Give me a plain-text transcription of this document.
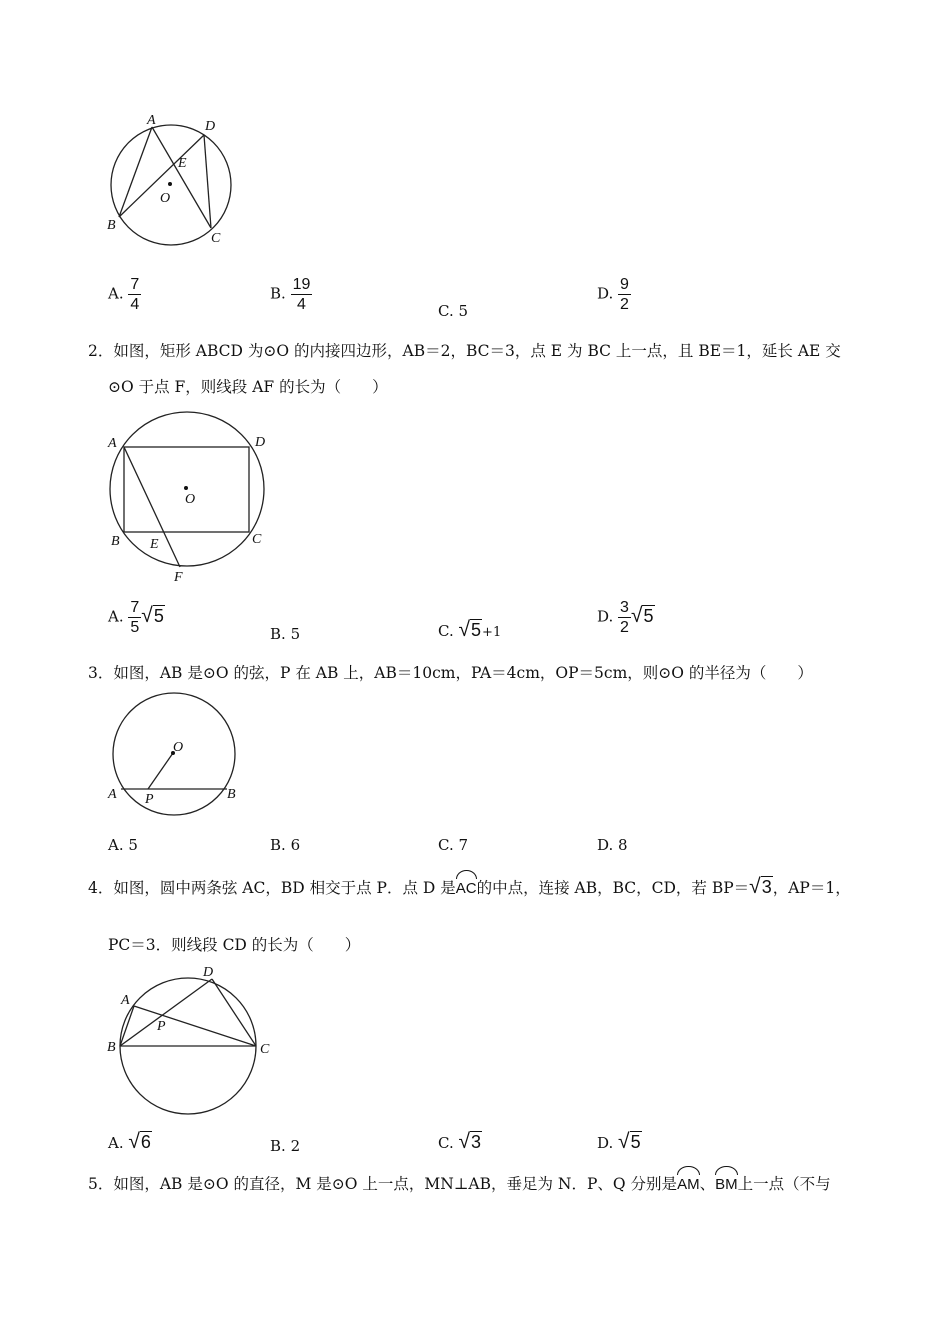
A	D
E
O
B
C
A. $\frac{7}{4}$	B. $\frac{19}{4}$	C. 5
D. $\frac{9}{2}$
2．如图，矩形 ABCD 为⊙O 的内接四边形，AB＝2，BC＝3，点 E 为 BC 上一点，且 BE＝1，延长 AE 交
⊙O 于点 F，则线段 AF 的长为（　　）
A	D
O
B E	C
F
A. $\frac{7}{5} √5$
B. 5	C. √5+1
D. $\frac{3}{2} √5$
3．如图，AB 是⊙O 的弦，P 在 AB 上，AB＝10cm，PA＝4cm，OP＝5cm，则⊙O 的半径为（　　）
O
A P	B
A. 5	B. 6	C. 7	D. 8
4．如图，圆中两条弦 AC，BD 相交于点 P．点 D 是AC的中点，连接 AB，BC，CD，若 BP＝√3，AP＝1，
PC＝3．则线段 CD 的长为（　　）
D
A
P
B	C
A. √6	B. 2	C. √3	D. √5
5．如图，AB 是⊙O 的直径，M 是⊙O 上一点，MN⊥AB，垂足为 N．P、Q 分别是AM、BM上一点（不与
